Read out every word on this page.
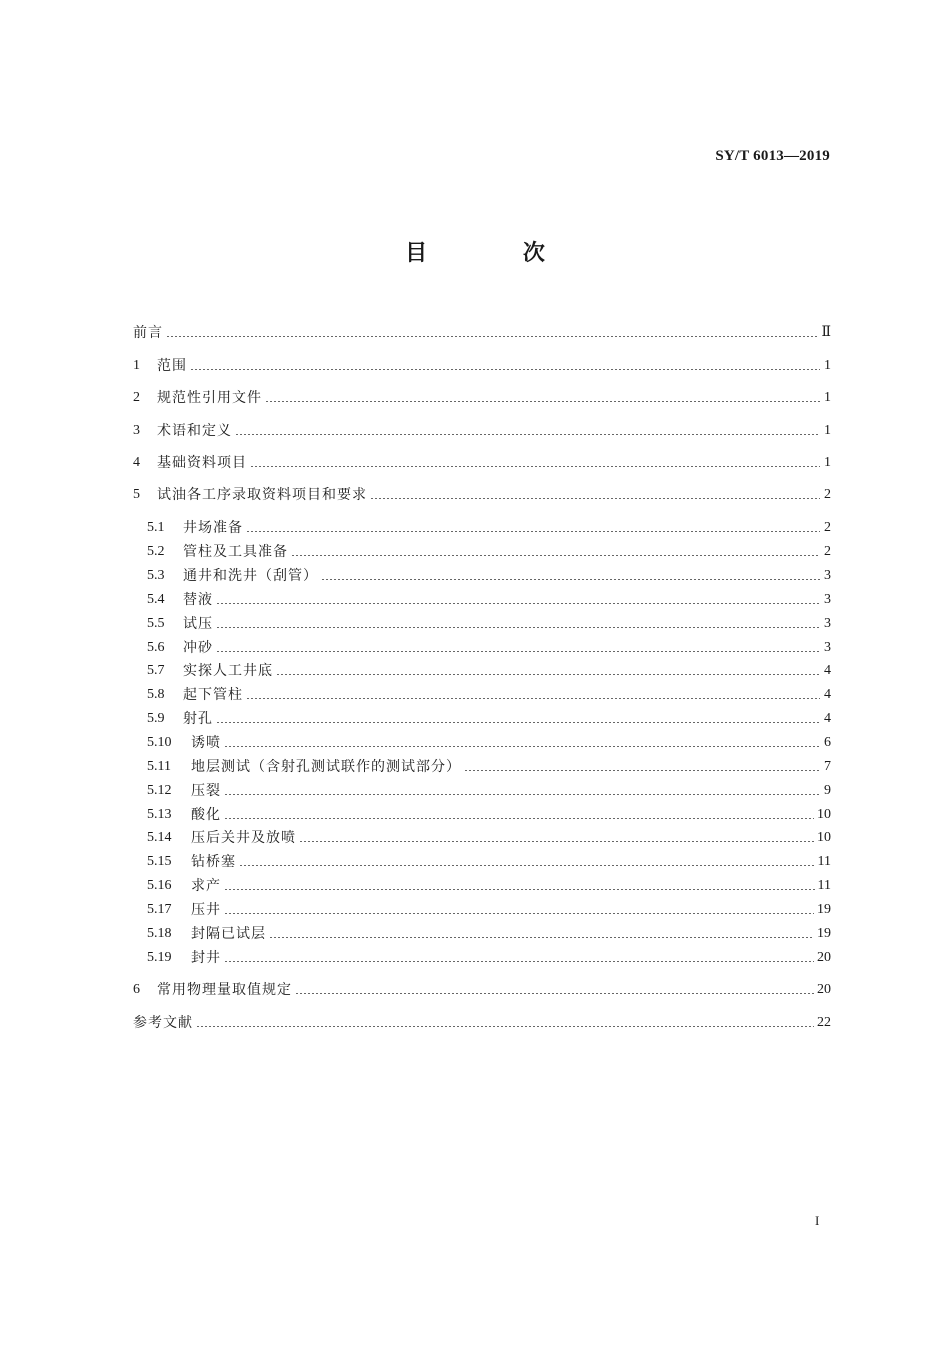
SY/T 6013—2019
目 次
前言	Ⅱ
1	范围	1
2	规范性引用文件	1
3	术语和定义	1
4	基础资料项目	1
5	试油各工序录取资料项目和要求	2
5.1	井场准备	2
5.2	管柱及工具准备	2
5.3	通井和洗井（刮管）	3
5.4	替液	3
5.5	试压	3
5.6	冲砂	3
5.7	实探人工井底	4
5.8	起下管柱	4
5.9	射孔	4
5.10	诱喷	6
5.11	地层测试（含射孔测试联作的测试部分）	7
5.12	压裂	9
5.13	酸化	10
5.14	压后关井及放喷	10
5.15	钻桥塞	11
5.16	求产	11
5.17	压井	19
5.18	封隔已试层	19
5.19	封井	20
6	常用物理量取值规定	20
参考文献	22
I
